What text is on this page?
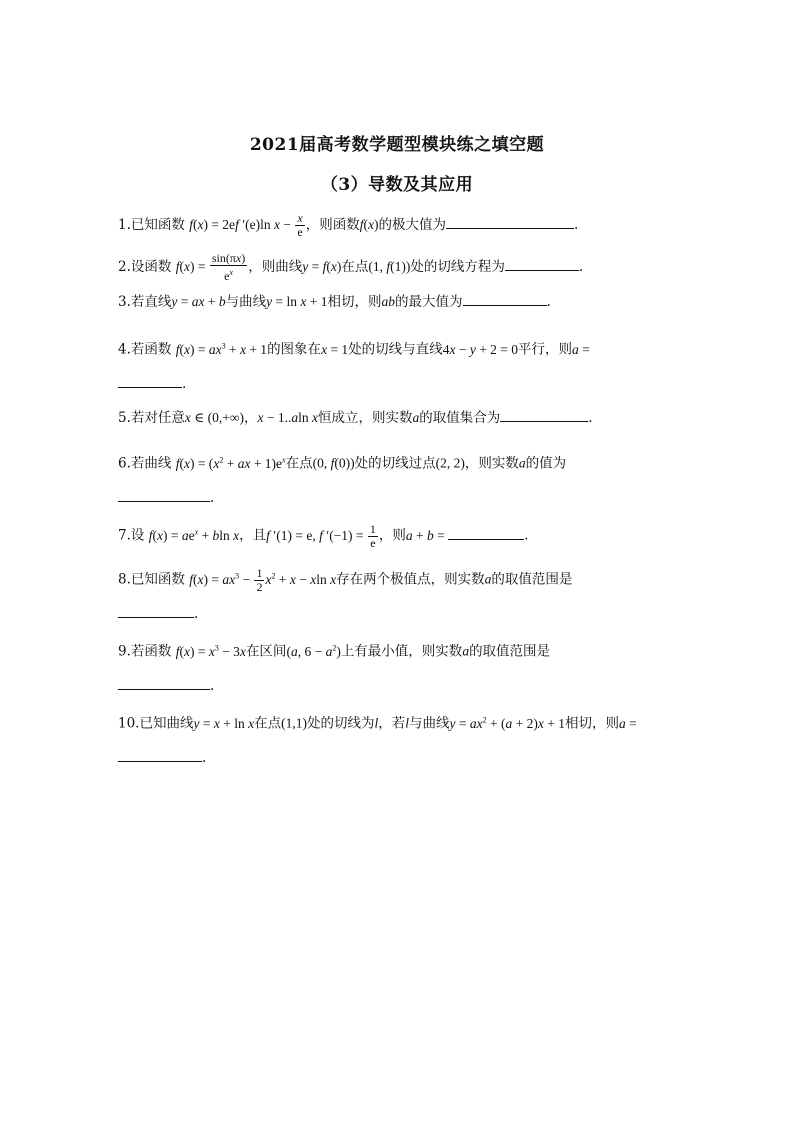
2021届高考数学题型模块练之填空题
（3）导数及其应用
1.已知函数 f(x) = 2ef ′(e)ln $x - \frac{x}{e}$ ，则函数f(x)的极大值为	.
2.设函数 $f(x) = \frac{\sin(\pi x)}{e^x}$ ，则曲线y = f(x)在点(1, f(1))处的切线方程为	.
3.若直线y = ax + b与曲线y = ln x + 1相切，则ab的最大值为	.
4.若函数 $f(x) = ax^3 + x + 1$的图象在x = 1处的切线与直线4x − y + 2 = 0平行，则a =
.
5.若对任意x ∈ (0,+∞)，x − 1..aln x恒成立，则实数a的取值集合为	.
6.若曲线 $f(x) = (x^2$ + ax + $1)e^x$在点(0, f(0))处的切线过点(2, 2)，则实数a的值为
.
7.设 $f(x) = ae^x + bln$ x，且f ′(1) = e, f $'(-1) = \frac{1}{e}$ ，则a + b =	.
8.已知函数 $f(x) = ax^3 - \frac{1}{2} x^2 + x - xln$ x存在两个极值点，则实数a的取值范围是
.
9.若函数 $f(x) = x^3 - 3x$在区间(a, $6 - a^2$)上有最小值，则实数a的取值范围是
.
10.已知曲线y = x + ln x在点(1,1)处的切线为l，若l与曲线$y = ax^2 + (a + 2)x + 1$相切，则a =
.
